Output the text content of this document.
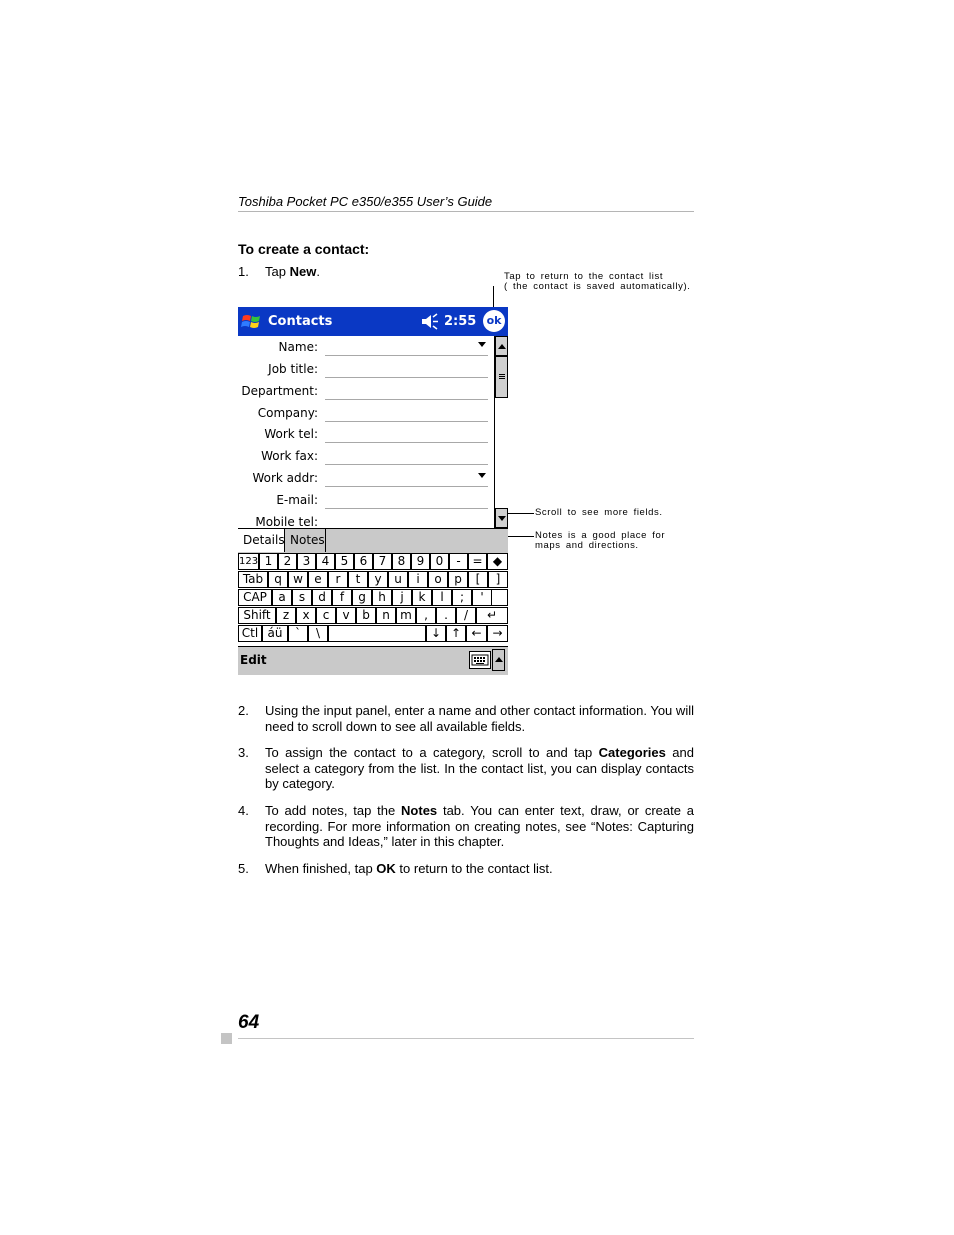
Toshiba Pocket PC e350/e355 User’s Guide
To create a contact:
1. Tap New.	Tap to return to the contact list
( the contact is saved automatically).
Scroll to see more fields.
Notes is a good place for
maps and directions.
Contacts	2:55 ok
Name:
Job title:
Department:
Company:
Work tel:
Work fax:
Work addr:
E-mail:
Mobile tel:
Details Notes
123 1 2 3 4 5 6 7 8 9 0	- = ◆
Tab q w e	r	t	y	u	i	o	p	[	]
CAP a	s	d	f	g	h	j	k	l	;	'
Shift	z	x	c	v	b	n m	,	.	/	↵
Ctl áü	`	\	↓ ↑ ← →
Edit
2. Using the input panel, enter a name and other contact information. You will need to scroll down to see all available fields.
3. To assign the contact to a category, scroll to and tap Categories and select a category from the list. In the contact list, you can display contacts by category.
4. To add notes, tap the Notes tab. You can enter text, draw, or create a recording. For more information on creating notes, see “Notes: Capturing Thoughts and Ideas,” later in this chapter.
5. When finished, tap OK to return to the contact list.
64
